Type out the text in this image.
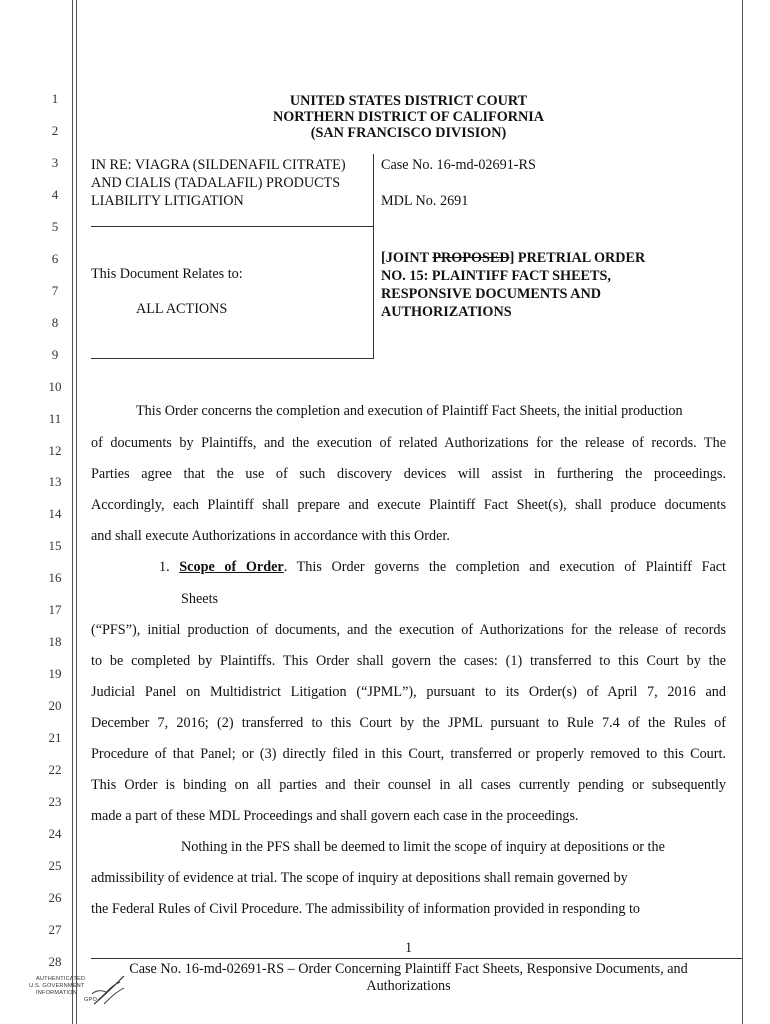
1
2
3
4
5
6
7
8
9
10
11
12
13
14
15
16
17
18
19
20
21
22
23
24
25
26
27
28
UNITED STATES DISTRICT COURT
NORTHERN DISTRICT OF CALIFORNIA
(SAN FRANCISCO DIVISION)
IN RE: VIAGRA (SILDENAFIL CITRATE)
AND CIALIS (TADALAFIL) PRODUCTS
LIABILITY LITIGATION
This Document Relates to:
ALL ACTIONS
Case No. 16-md-02691-RS
MDL No. 2691
[JOINT PROPOSED] PRETRIAL ORDER
NO. 15: PLAINTIFF FACT SHEETS,
RESPONSIVE DOCUMENTS AND
AUTHORIZATIONS
This Order concerns the completion and execution of Plaintiff Fact Sheets, the initial production
of documents by Plaintiffs, and the execution of related Authorizations for the release of records. The
Parties agree that the use of such discovery devices will assist in furthering the proceedings.
Accordingly, each Plaintiff shall prepare and execute Plaintiff Fact Sheet(s), shall produce documents
and shall execute Authorizations in accordance with this Order.
1. Scope of Order. This Order governs the completion and execution of Plaintiff Fact
Sheets
(“PFS”), initial production of documents, and the execution of Authorizations for the release of records
to be completed by Plaintiffs. This Order shall govern the cases: (1) transferred to this Court by the
Judicial Panel on Multidistrict Litigation (“JPML”), pursuant to its Order(s) of April 7, 2016 and
December 7, 2016; (2) transferred to this Court by the JPML pursuant to Rule 7.4 of the Rules of
Procedure of that Panel; or (3) directly filed in this Court, transferred or properly removed to this Court.
This Order is binding on all parties and their counsel in all cases currently pending or subsequently
made a part of these MDL Proceedings and shall govern each case in the proceedings.
Nothing in the PFS shall be deemed to limit the scope of inquiry at depositions or the
admissibility of evidence at trial. The scope of inquiry at depositions shall remain governed by
the Federal Rules of Civil Procedure. The admissibility of information provided in responding to
1
Case No. 16-md-02691-RS – Order Concerning Plaintiff Fact Sheets, Responsive Documents, and
Authorizations
AUTHENTICATED
U.S. GOVERNMENT
INFORMATION
GPO
